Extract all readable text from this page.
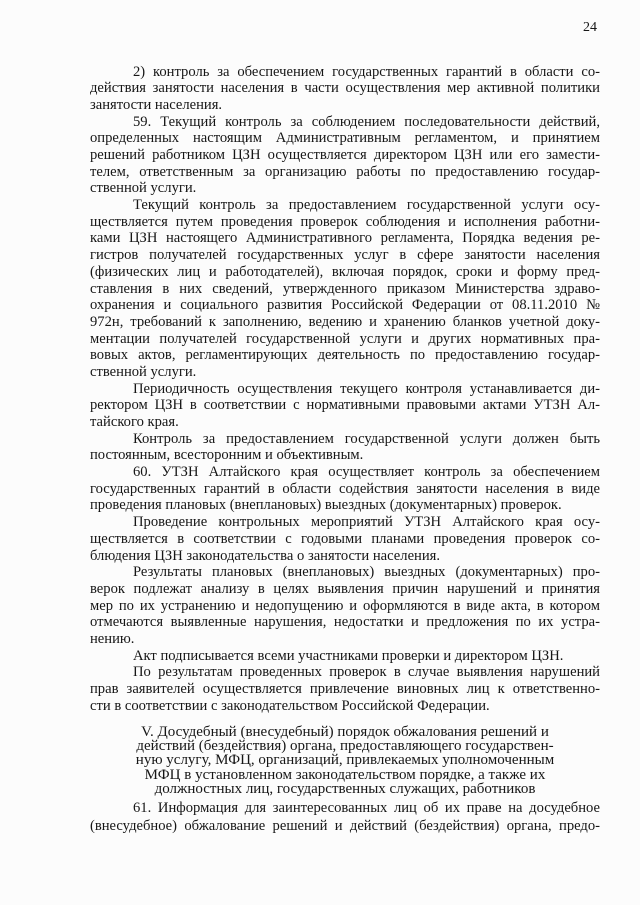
24
2) контроль за обеспечением государственных гарантий в области со-
действия занятости населения в части осуществления мер активной политики
занятости населения.
59. Текущий контроль за соблюдением последовательности действий,
определенных настоящим Административным регламентом, и принятием
решений работником ЦЗН осуществляется директором ЦЗН или его замести-
телем, ответственным за организацию работы по предоставлению государ-
ственной услуги.
Текущий контроль за предоставлением государственной услуги осу-
ществляется путем проведения проверок соблюдения и исполнения работни-
ками ЦЗН настоящего Административного регламента, Порядка ведения ре-
гистров получателей государственных услуг в сфере занятости населения
(физических лиц и работодателей), включая порядок, сроки и форму пред-
ставления в них сведений, утвержденного приказом Министерства здраво-
охранения и социального развития Российской Федерации от 08.11.2010 №
972н, требований к заполнению, ведению и хранению бланков учетной доку-
ментации получателей государственной услуги и других нормативных пра-
вовых актов, регламентирующих деятельность по предоставлению государ-
ственной услуги.
Периодичность осуществления текущего контроля устанавливается ди-
ректором ЦЗН в соответствии с нормативными правовыми актами УТЗН Ал-
тайского края.
Контроль за предоставлением государственной услуги должен быть
постоянным, всесторонним и объективным.
60. УТЗН Алтайского края осуществляет контроль за обеспечением
государственных гарантий в области содействия занятости населения в виде
проведения плановых (внеплановых) выездных (документарных) проверок.
Проведение контрольных мероприятий УТЗН Алтайского края осу-
ществляется в соответствии с годовыми планами проведения проверок со-
блюдения ЦЗН законодательства о занятости населения.
Результаты плановых (внеплановых) выездных (документарных) про-
верок подлежат анализу в целях выявления причин нарушений и принятия
мер по их устранению и недопущению и оформляются в виде акта, в котором
отмечаются выявленные нарушения, недостатки и предложения по их устра-
нению.
Акт подписывается всеми участниками проверки и директором ЦЗН.
По результатам проведенных проверок в случае выявления нарушений
прав заявителей осуществляется привлечение виновных лиц к ответственно-
сти в соответствии с законодательством Российской Федерации.
V. Досудебный (внесудебный) порядок обжалования решений и
действий (бездействия) органа, предоставляющего государствен-
ную услугу, МФЦ, организаций, привлекаемых уполномоченным
МФЦ в установленном законодательством порядке, а также их
должностных лиц, государственных служащих, работников
61. Информация для заинтересованных лиц об их праве на досудебное
(внесудебное) обжалование решений и действий (бездействия) органа, предо-
